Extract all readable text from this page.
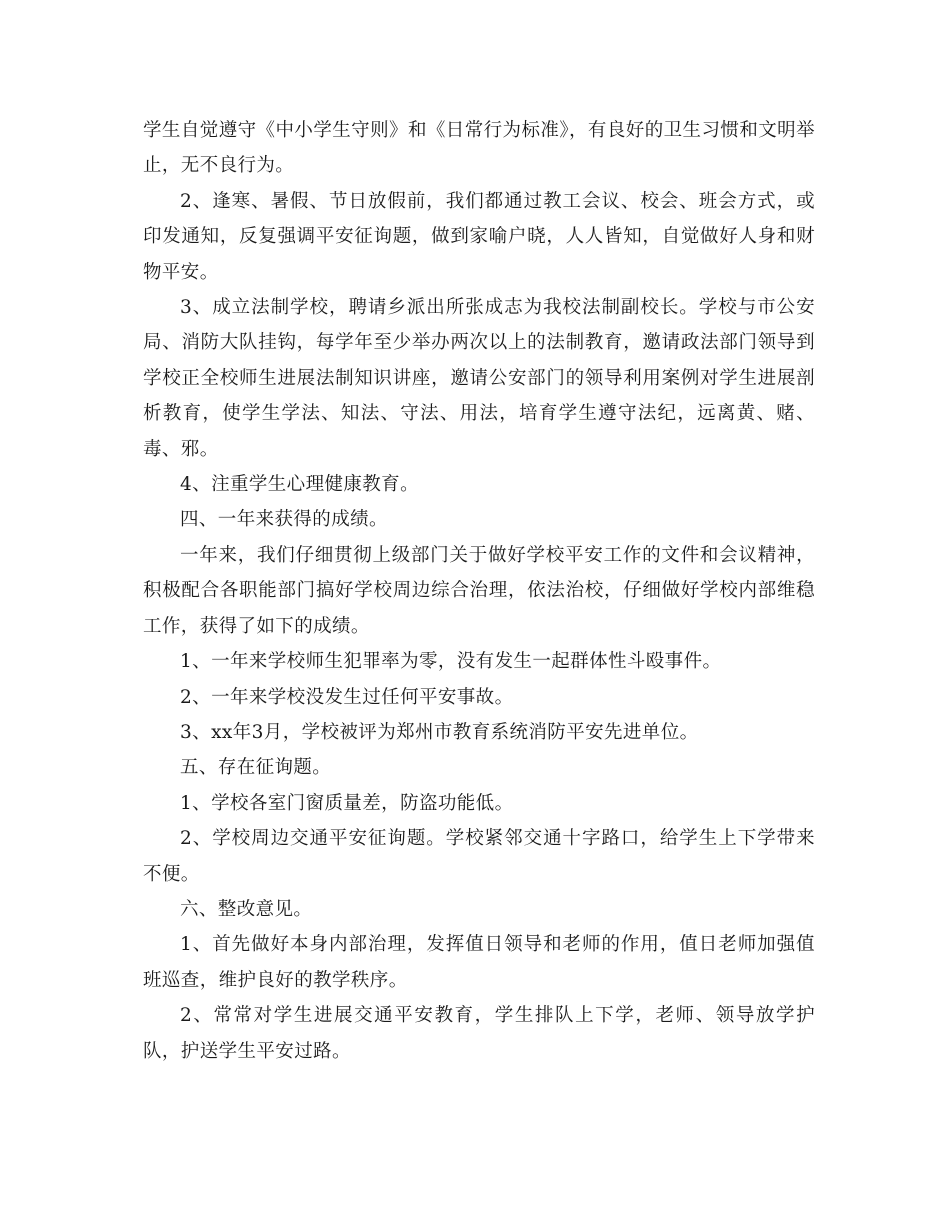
学生自觉遵守《中小学生守则》和《日常行为标准》，有良好的卫生习惯和文明举止，无不良行为。

2、逢寒、暑假、节日放假前，我们都通过教工会议、校会、班会方式，或印发通知，反复强调平安征询题，做到家喻户晓，人人皆知，自觉做好人身和财物平安。

3、成立法制学校，聘请乡派出所张成志为我校法制副校长。学校与市公安局、消防大队挂钩，每学年至少举办两次以上的法制教育，邀请政法部门领导到学校正全校师生进展法制知识讲座，邀请公安部门的领导利用案例对学生进展剖析教育，使学生学法、知法、守法、用法，培育学生遵守法纪，远离黄、赌、毒、邪。

4、注重学生心理健康教育。

四、一年来获得的成绩。

一年来，我们仔细贯彻上级部门关于做好学校平安工作的文件和会议精神，积极配合各职能部门搞好学校周边综合治理，依法治校，仔细做好学校内部维稳工作，获得了如下的成绩。

1、一年来学校师生犯罪率为零，没有发生一起群体性斗殴事件。

2、一年来学校没发生过任何平安事故。

3、xx年3月，学校被评为郑州市教育系统消防平安先进单位。

五、存在征询题。

1、学校各室门窗质量差，防盗功能低。

2、学校周边交通平安征询题。学校紧邻交通十字路口，给学生上下学带来不便。

六、整改意见。

1、首先做好本身内部治理，发挥值日领导和老师的作用，值日老师加强值班巡查，维护良好的教学秩序。

2、常常对学生进展交通平安教育，学生排队上下学，老师、领导放学护队，护送学生平安过路。
